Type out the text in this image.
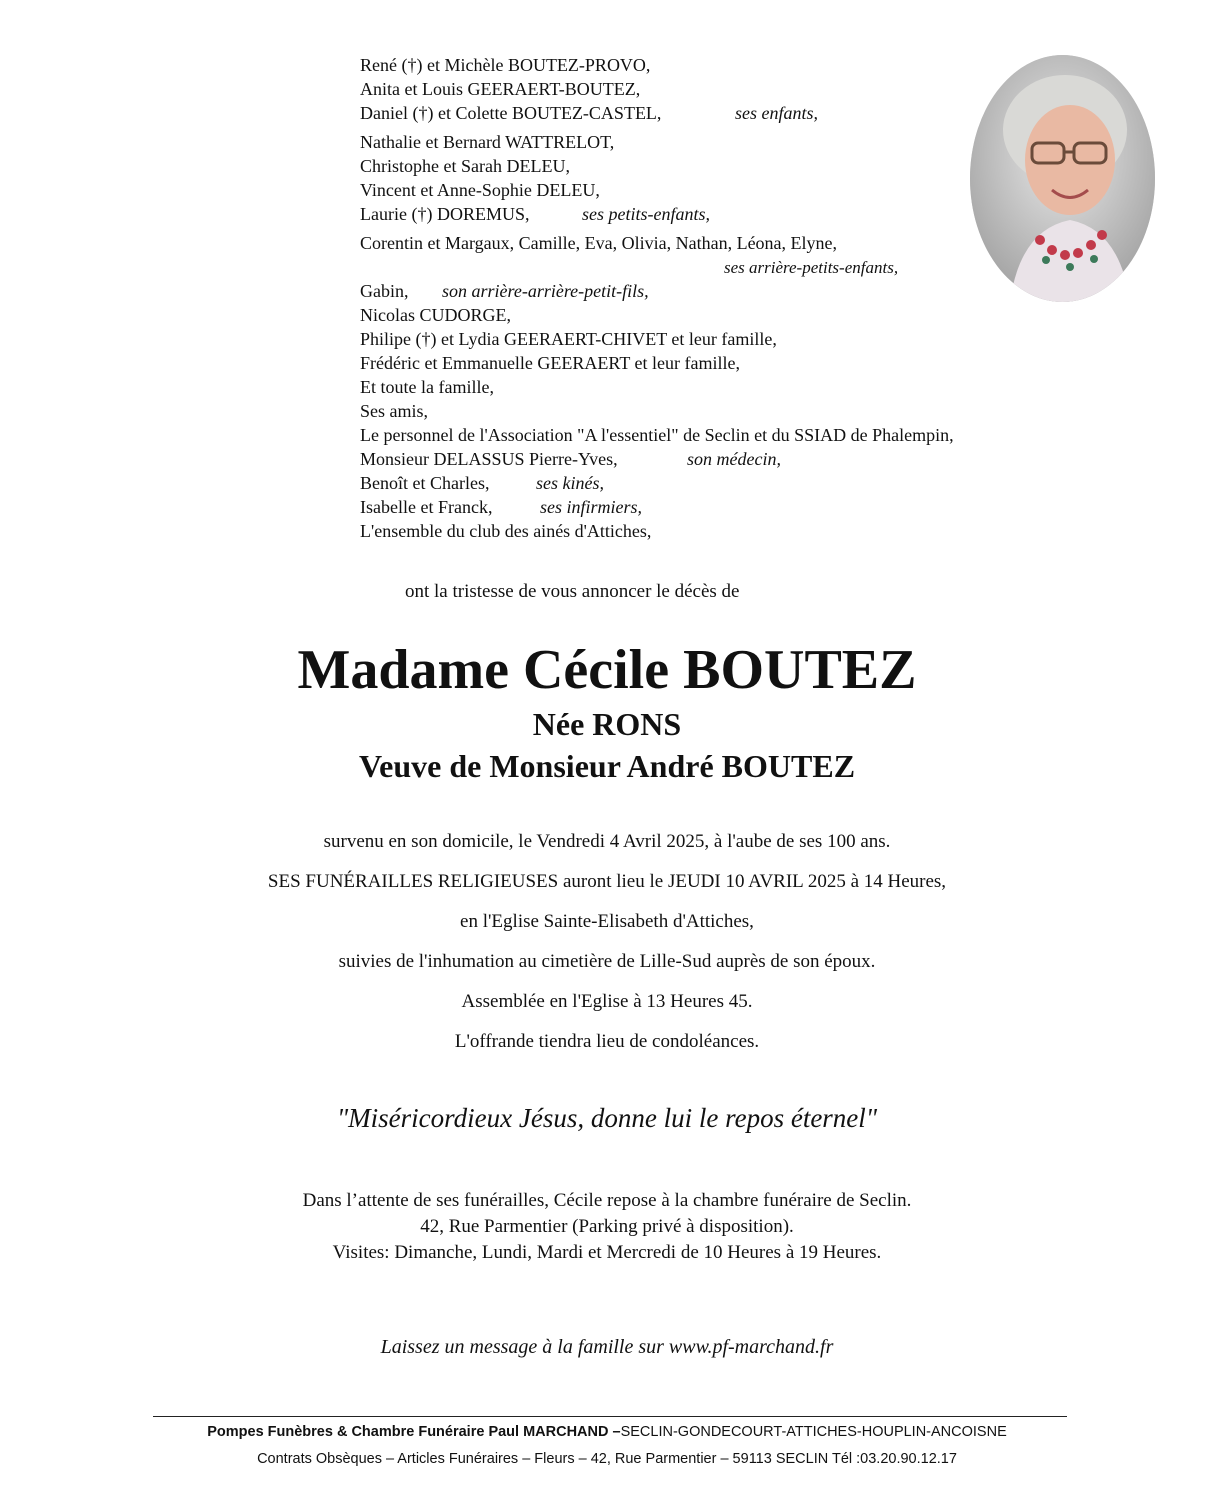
René (†) et Michèle BOUTEZ-PROVO,
Anita et Louis GEERAERT-BOUTEZ,
Daniel (†) et Colette BOUTEZ-CASTEL,	ses enfants,
Nathalie et Bernard WATTRELOT,
Christophe et Sarah DELEU,
Vincent et Anne-Sophie DELEU,
Laurie (†) DOREMUS,	ses petits-enfants,
Corentin et Margaux, Camille, Eva, Olivia, Nathan, Léona, Elyne,
ses arrière-petits-enfants,
Gabin, son arrière-arrière-petit-fils,
Nicolas CUDORGE,
Philipe (†) et Lydia GEERAERT-CHIVET et leur famille,
Frédéric et Emmanuelle GEERAERT et leur famille,
Et toute la famille,
Ses amis,
Le personnel de l'Association "A l'essentiel" de Seclin et du SSIAD de Phalempin,
Monsieur DELASSUS Pierre-Yves,	son médecin,
Benoît et Charles,	ses kinés,
Isabelle et Franck,	ses infirmiers,
L'ensemble du club des ainés d'Attiches,
ont la tristesse de vous annoncer le décès de
Madame Cécile BOUTEZ
Née RONS
Veuve de Monsieur André BOUTEZ
survenu en son domicile, le Vendredi 4 Avril 2025, à l'aube de ses 100 ans.
SES FUNÉRAILLES RELIGIEUSES auront lieu le JEUDI 10 AVRIL 2025 à 14 Heures,
en l'Eglise Sainte-Elisabeth d'Attiches,
suivies de l'inhumation au cimetière de Lille-Sud auprès de son époux.
Assemblée en l'Eglise à 13 Heures 45.
L'offrande tiendra lieu de condoléances.
"Miséricordieux Jésus, donne lui le repos éternel"
Dans l’attente de ses funérailles, Cécile repose à la chambre funéraire de Seclin.
42, Rue Parmentier (Parking privé à disposition).
Visites: Dimanche, Lundi, Mardi et Mercredi de 10 Heures à 19 Heures.
Laissez un message à la famille sur www.pf-marchand.fr
Pompes Funèbres & Chambre Funéraire Paul MARCHAND –SECLIN-GONDECOURT-ATTICHES-HOUPLIN-ANCOISNE
Contrats Obsèques – Articles Funéraires – Fleurs – 42, Rue Parmentier – 59113 SECLIN Tél :03.20.90.12.17
